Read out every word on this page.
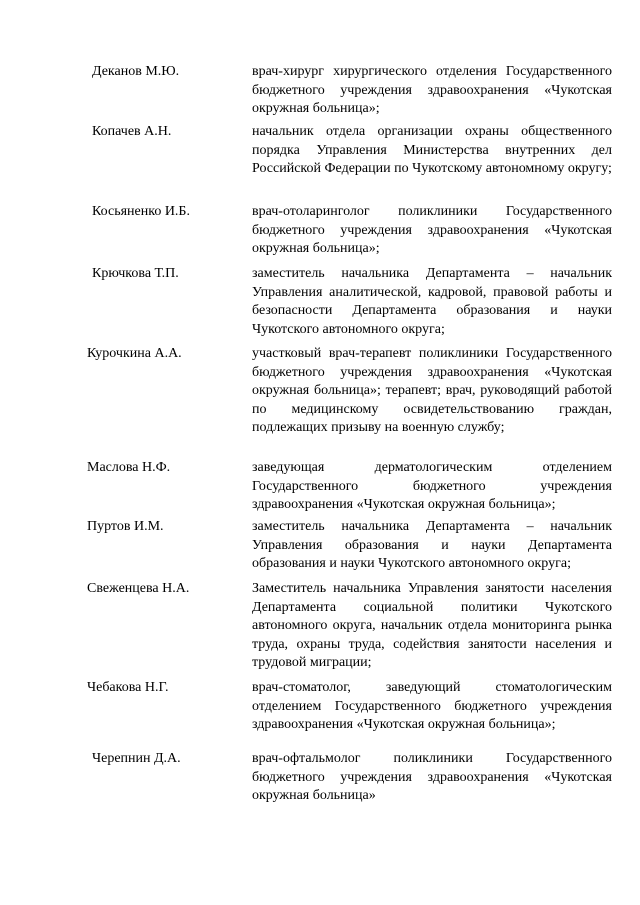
Деканов М.Ю.	врач-хирург хирургического отделения Государственного бюджетного учреждения здравоохранения «Чукотская окружная больница»;
Копачев А.Н.	начальник отдела организации охраны общественного порядка Управления Министерства внутренних дел Российской Федерации по Чукотскому автономному округу;
Косьяненко И.Б.	врач-отоларинголог поликлиники Государственного бюджетного учреждения здравоохранения «Чукотская окружная больница»;
Крючкова Т.П.	заместитель начальника Департамента – начальник Управления аналитической, кадровой, правовой работы и безопасности Департамента образования и науки Чукотского автономного округа;
Курочкина А.А.	участковый врач-терапевт поликлиники Государственного бюджетного учреждения здравоохранения «Чукотская окружная больница»; терапевт; врач, руководящий работой по медицинскому освидетельствованию граждан, подлежащих призыву на военную службу;
Маслова Н.Ф.	заведующая дерматологическим отделением Государственного бюджетного учреждения здравоохранения «Чукотская окружная больница»;
Пуртов И.М.	заместитель начальника Департамента – начальник Управления образования и науки Департамента образования и науки Чукотского автономного округа;
Свеженцева Н.А.	Заместитель начальника Управления занятости населения Департамента социальной политики Чукотского автономного округа, начальник отдела мониторинга рынка труда, охраны труда, содействия занятости населения и трудовой миграции;
Чебакова Н.Г.	врач-стоматолог, заведующий стоматологическим отделением Государственного бюджетного учреждения здравоохранения «Чукотская окружная больница»;
Черепнин Д.А.	врач-офтальмолог поликлиники Государственного бюджетного учреждения здравоохранения «Чукотская окружная больница»
